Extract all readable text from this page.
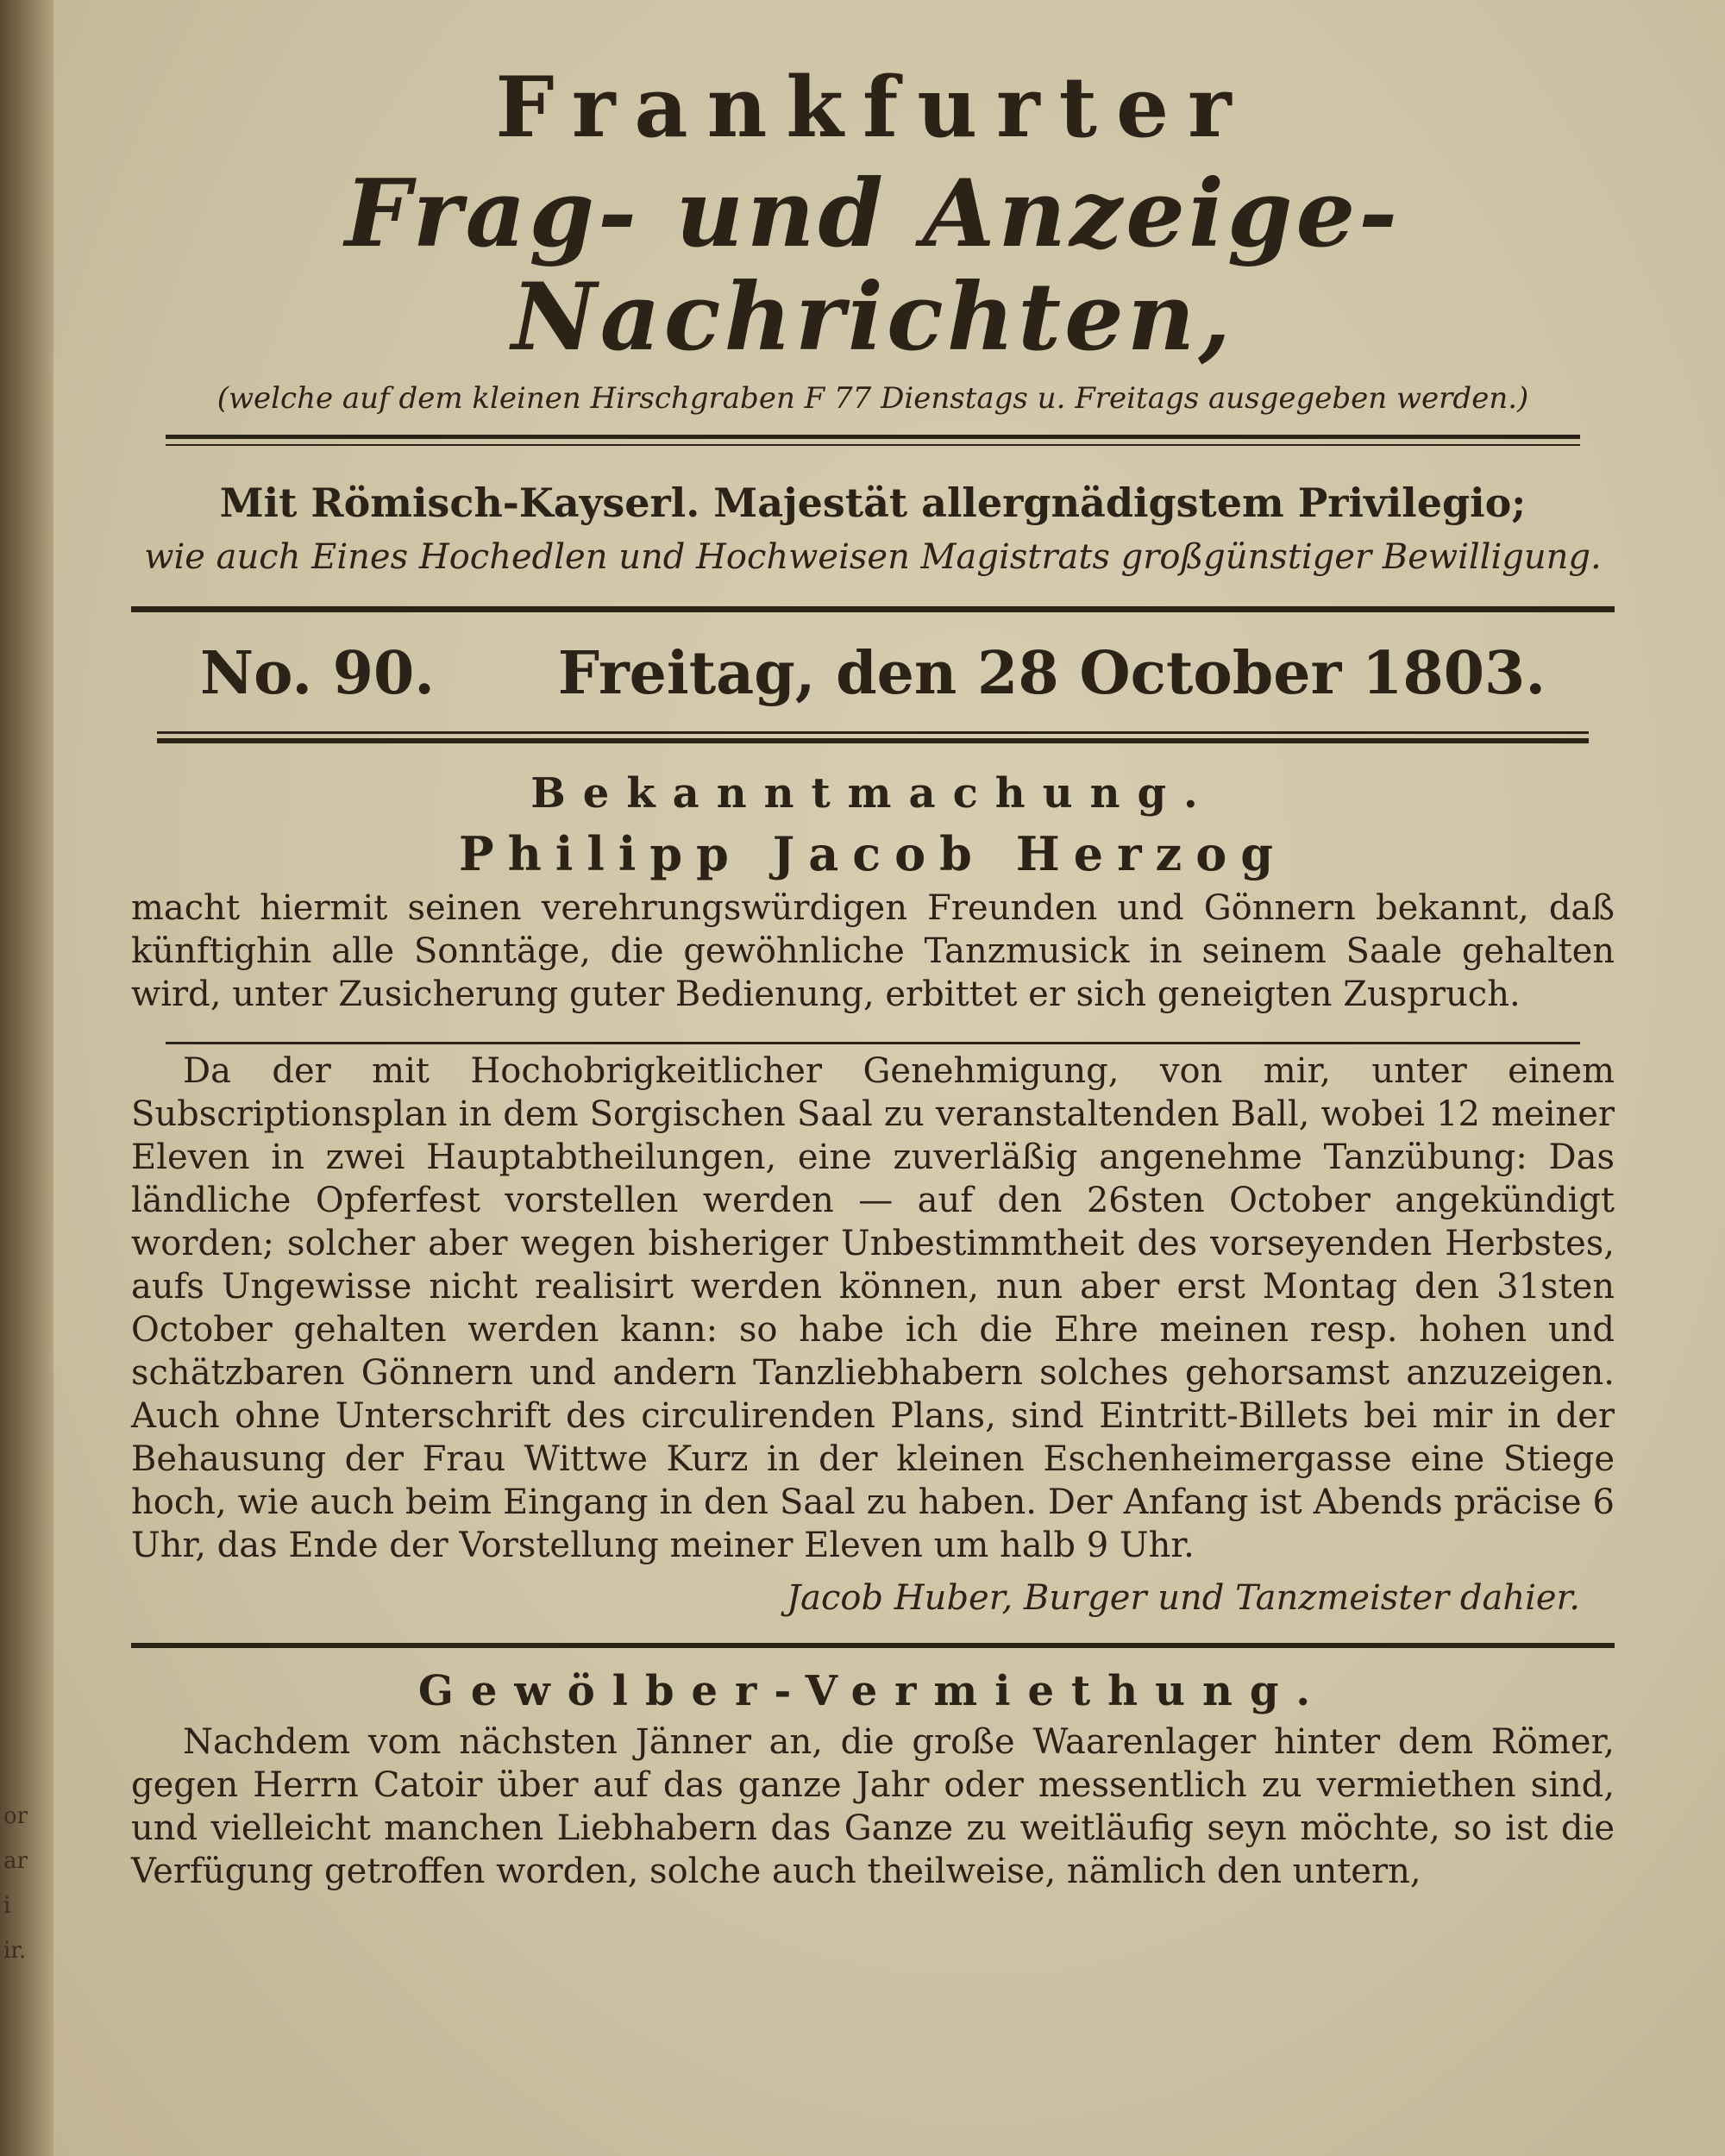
or
ar
i
ir.
Frankfurter
Frag- und Anzeige-Nachrichten,
(welche auf dem kleinen Hirschgraben F 77 Dienstags u. Freitags ausgegeben werden.)
Mit Römisch-Kayserl. Majestät allergnädigstem Privilegio;
wie auch Eines Hochedlen und Hochweisen Magistrats großgünstiger Bewilligung.
No. 90. Freitag, den 28 October 1803.
Bekanntmachung.
Philipp Jacob Herzog

macht hiermit seinen verehrungswürdigen Freunden und Gönnern bekannt, daß künftighin alle Sonntäge, die gewöhnliche Tanzmusick in seinem Saale gehalten wird, unter Zusicherung guter Bedienung, erbittet er sich geneigten Zuspruch.

Da der mit Hochobrigkeitlicher Genehmigung, von mir, unter einem Subscriptionsplan in dem Sorgischen Saal zu veranstaltenden Ball, wobei 12 meiner Eleven in zwei Hauptabtheilungen, eine zuverläßig angenehme Tanzübung: Das ländliche Opferfest vorstellen werden — auf den 26sten October angekündigt worden; solcher aber wegen bisheriger Unbestimmtheit des vorseyenden Herbstes, aufs Ungewisse nicht realisirt werden können, nun aber erst Montag den 31sten October gehalten werden kann: so habe ich die Ehre meinen resp. hohen und schätzbaren Gönnern und andern Tanzliebhabern solches gehorsamst anzuzeigen. Auch ohne Unterschrift des circulirenden Plans, sind Eintritt-Billets bei mir in der Behausung der Frau Wittwe Kurz in der kleinen Eschenheimergasse eine Stiege hoch, wie auch beim Eingang in den Saal zu haben. Der Anfang ist Abends präcise 6 Uhr, das Ende der Vorstellung meiner Eleven um halb 9 Uhr.

Jacob Huber, Burger und Tanzmeister dahier.
Gewölber-Vermiethung.

Nachdem vom nächsten Jänner an, die große Waarenlager hinter dem Römer, gegen Herrn Catoir über auf das ganze Jahr oder messentlich zu vermiethen sind, und vielleicht manchen Liebhabern das Ganze zu weitläufig seyn möchte, so ist die Verfügung getroffen worden, solche auch theilweise, nämlich den untern,
